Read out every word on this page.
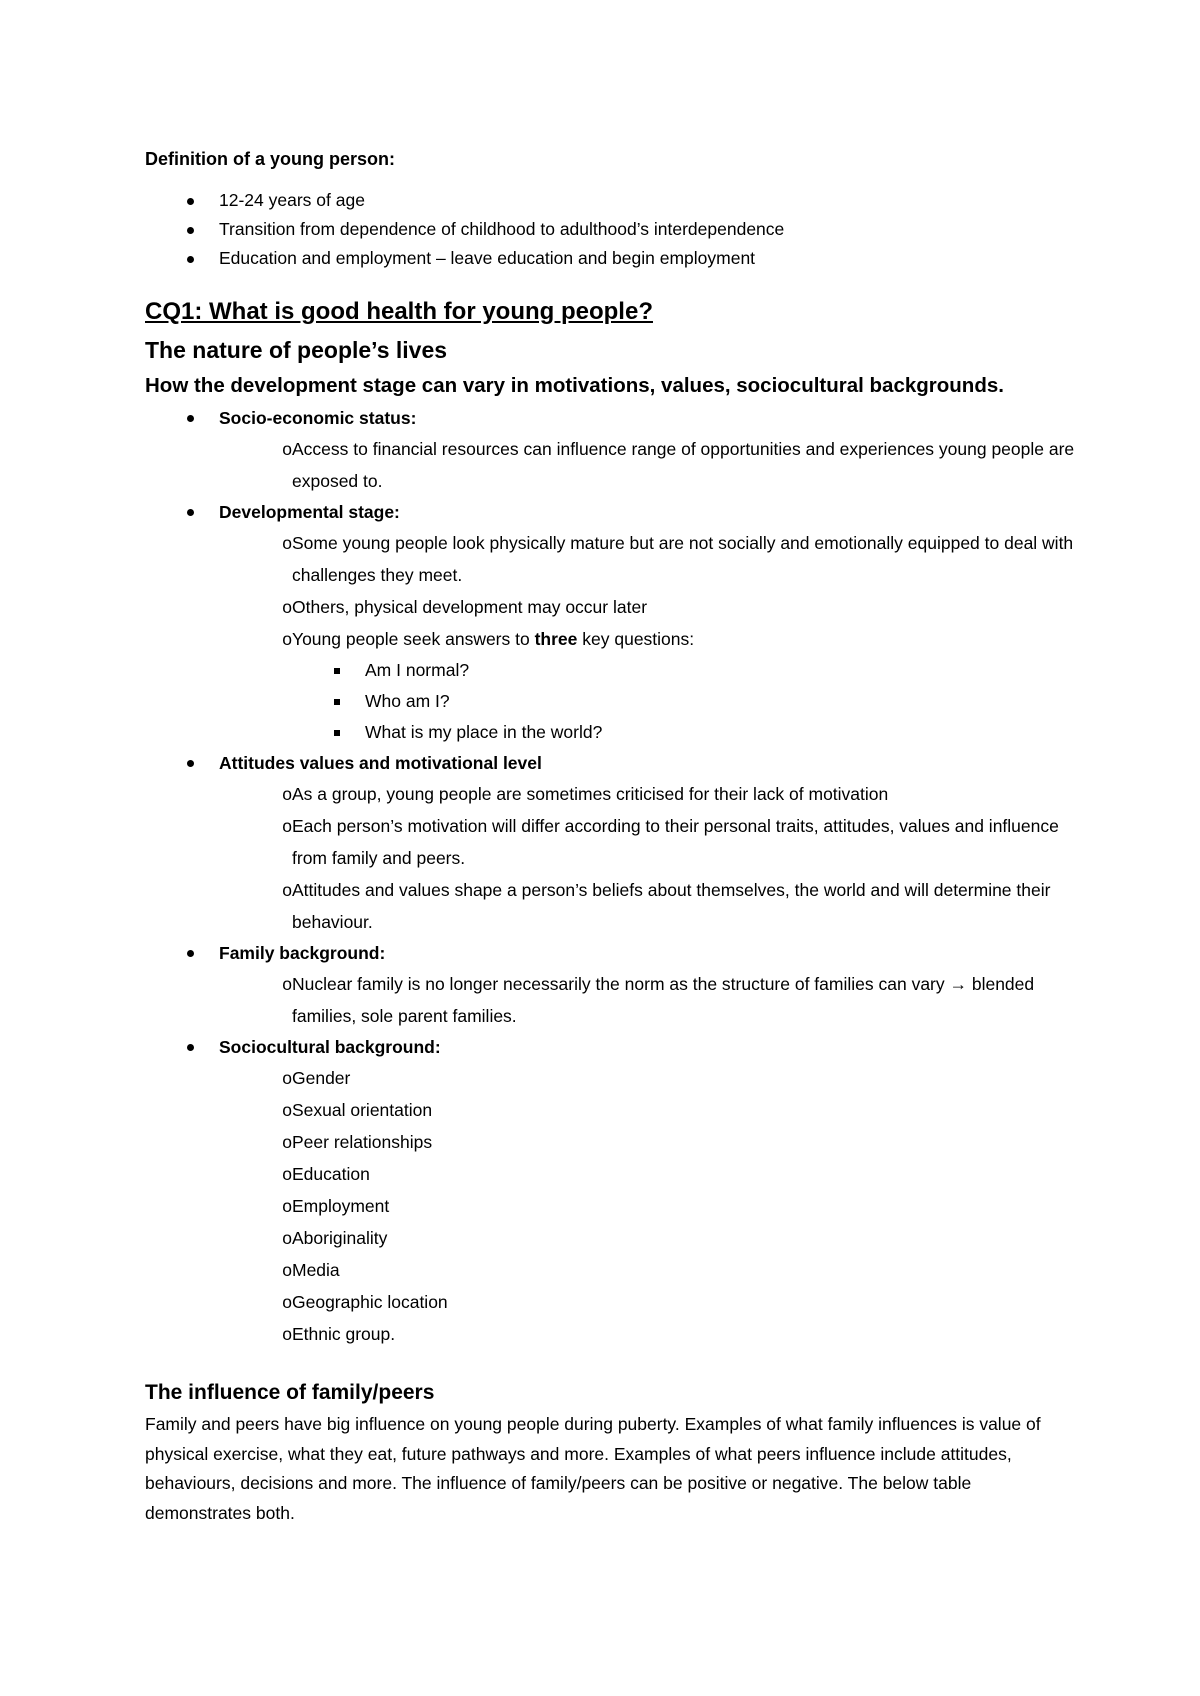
Definition of a young person:
12-24 years of age
Transition from dependence of childhood to adulthood’s interdependence
Education and employment – leave education and begin employment
CQ1: What is good health for young people?
The nature of people’s lives
How the development stage can vary in motivations, values, sociocultural backgrounds.
Socio-economic status:
o Access to financial resources can influence range of opportunities and experiences young people are exposed to.
Developmental stage:
o Some young people look physically mature but are not socially and emotionally equipped to deal with challenges they meet.
o Others, physical development may occur later
o Young people seek answers to three key questions:
Am I normal?
Who am I?
What is my place in the world?
Attitudes values and motivational level
o As a group, young people are sometimes criticised for their lack of motivation
o Each person’s motivation will differ according to their personal traits, attitudes, values and influence from family and peers.
o Attitudes and values shape a person’s beliefs about themselves, the world and will determine their behaviour.
Family background:
o Nuclear family is no longer necessarily the norm as the structure of families can vary → blended families, sole parent families.
Sociocultural background:
o Gender
o Sexual orientation
o Peer relationships
o Education
o Employment
o Aboriginality
o Media
o Geographic location
o Ethnic group.
The influence of family/peers

Family and peers have big influence on young people during puberty. Examples of what family influences is value of physical exercise, what they eat, future pathways and more. Examples of what peers influence include attitudes, behaviours, decisions and more. The influence of family/peers can be positive or negative. The below table demonstrates both.
